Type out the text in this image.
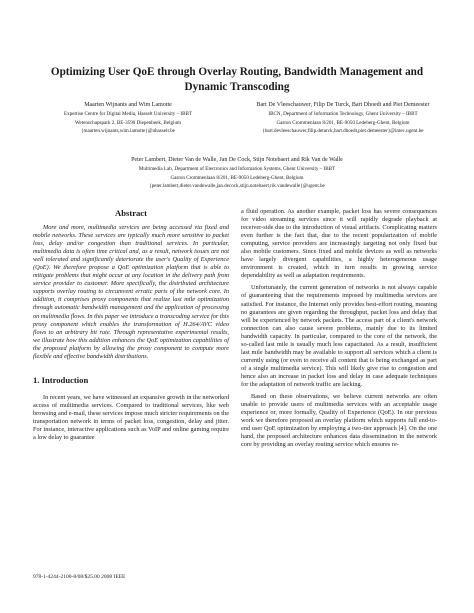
Optimizing User QoE through Overlay Routing, Bandwidth Management and
Dynamic Transcoding
Maarten Wijnants and Wim Lamotte
Expertise Centre for Digital Media, Hasselt University – IBBT
Wetenschapspark 2, BE-3590 Diepenbeek, Belgium
{maarten.wijnants,wim.lamotte}@uhasselt.be
Bart De Vleeschauwer, Filip De Turck, Bart Dhoedt and Piet Demeester
IBCN, Department of Information Technology, Ghent University – IBBT
Gaston Crommenlaan 8/201, BE-9050 Ledeberg-Ghent, Belgium
{bart.devleeschauwer,filip.deturck,bart.dhoedt,piet.demeester}@intec.ugent.be
Peter Lambert, Dieter Van de Walle, Jan De Cock, Stijn Notebaert and Rik Van de Walle
Multimedia Lab, Department of Electronics and Information Systems, Ghent University – IBBT
Gaston Crommenlaan 8/201, BE-9050 Ledeberg-Ghent, Belgium
{peter.lambert,dieter.vandewalle,jan.decock,stijn.notebaert,rik.vandewalle}@ugent.be
Abstract

More and more, multimedia services are being accessed via fixed and mobile networks. These services are typically much more sensitive to packet loss, delay and/or congestion than traditional services. In particular, multimedia data is often time critical and, as a result, network issues are not well tolerated and significantly deteriorate the user's Quality of Experience (QoE). We therefore propose a QoE optimization platform that is able to mitigate problems that might occur at any location in the delivery path from service provider to customer. More specifically, the distributed architecture supports overlay routing to circumvent erratic parts of the network core. In addition, it comprises proxy components that realize last mile optimization through automatic bandwidth management and the application of processing on multimedia flows. In this paper we introduce a transcoding service for this proxy component which enables the transformation of H.264/AVC video flows to an arbitrary bit rate. Through representative experimental results, we illustrate how this addition enhances the QoE optimization capabilities of the proposed platform by allowing the proxy component to compute more flexible and effective bandwidth distributions.

1. Introduction

In recent years, we have witnessed an expansive growth in the networked access of multimedia services. Compared to traditional services, like web browsing and e-mail, these services impose much stricter requirements on the transportation network in terms of packet loss, congestion, delay and jitter. For instance, interactive applications such as VoIP and online gaming require a low delay to guarantee

a fluid operation. As another example, packet loss has severe consequences for video streaming services since it will rapidly degrade playback at receiver-side due to the introduction of visual artifacts. Complicating matters even further is the fact that, due to the recent popularization of mobile computing, service providers are increasingly targeting not only fixed but also mobile customers. Since fixed and mobile devices as well as networks have largely divergent capabilities, a highly heterogeneous usage environment is created, which in turn results in growing service dependability as well as adaptation requirements.

Unfortunately, the current generation of networks is not always capable of guaranteeing that the requirements imposed by multimedia services are satisfied. For instance, the Internet only provides best-effort routing, meaning no guarantees are given regarding the throughput, packet loss and delay that will be experienced by network packets. The access part of a client's network connection can also cause severe problems, mainly due to its limited bandwidth capacity. In particular, compared to the core of the network, the so-called last mile is usually much less capacitated. As a result, insufficient last mile bandwidth may be available to support all services which a client is currently using (or even to receive all content that is being exchanged as part of a single multimedia service). This will likely give rise to congestion and hence also an increase in packet loss and delay in case adequate techniques for the adaptation of network traffic are lacking.

Based on these observations, we believe current networks are often unable to provide users of multimedia services with an acceptable usage experience or, more formally, Quality of Experience (QoE). In our previous work we therefore proposed an overlay platform which supports full end-to-end user QoE optimization by employing a two-tier approach [4]. On the one hand, the proposed architecture enhances data dissemination in the network core by providing an overlay routing service which ensures re-

978-1-4244-2100-8/08/$25.00 2008 IEEE
